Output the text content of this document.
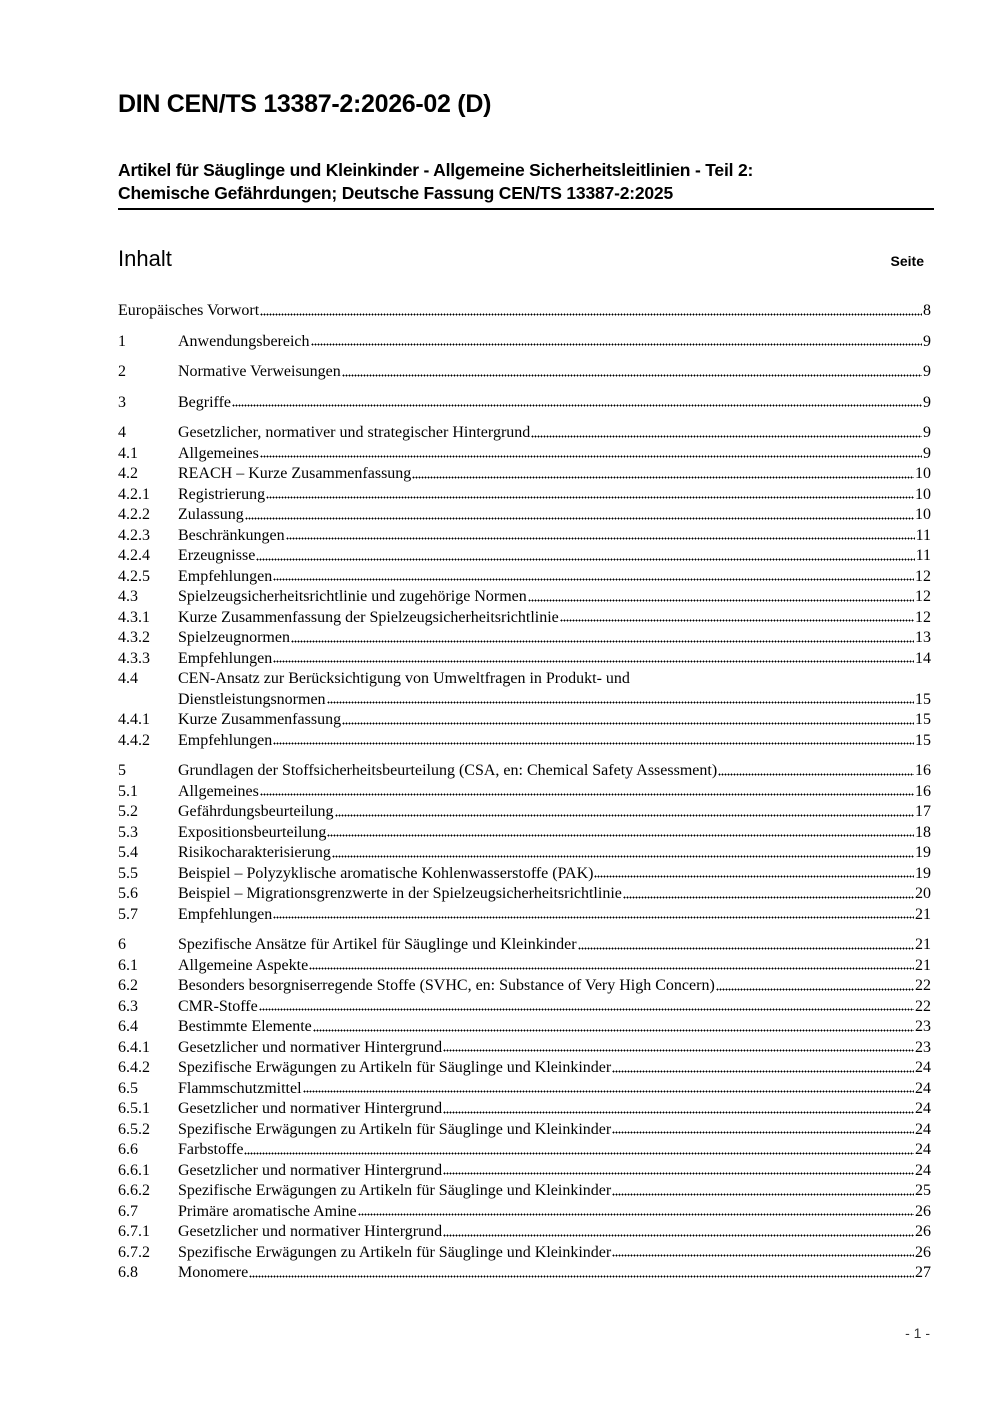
DIN CEN/TS 13387-2:2026-02 (D)
Artikel für Säuglinge und Kleinkinder - Allgemeine Sicherheitsleitlinien - Teil 2:
Chemische Gefährdungen; Deutsche Fassung CEN/TS 13387-2:2025
Inhalt	Seite
Europäisches Vorwort	8
1	Anwendungsbereich	9
2	Normative Verweisungen	9
3	Begriffe	9
4	Gesetzlicher, normativer und strategischer Hintergrund	9
4.1	Allgemeines	9
4.2	REACH – Kurze Zusammenfassung	10
4.2.1	Registrierung	10
4.2.2	Zulassung	10
4.2.3	Beschränkungen	11
4.2.4	Erzeugnisse	11
4.2.5	Empfehlungen	12
4.3	Spielzeugsicherheitsrichtlinie und zugehörige Normen	12
4.3.1	Kurze Zusammenfassung der Spielzeugsicherheitsrichtlinie	12
4.3.2	Spielzeugnormen	13
4.3.3	Empfehlungen	14
4.4	CEN-Ansatz zur Berücksichtigung von Umweltfragen in Produkt- und
Dienstleistungsnormen	15
4.4.1	Kurze Zusammenfassung	15
4.4.2	Empfehlungen	15
5	Grundlagen der Stoffsicherheitsbeurteilung (CSA, en: Chemical Safety Assessment)	16
5.1	Allgemeines	16
5.2	Gefährdungsbeurteilung	17
5.3	Expositionsbeurteilung	18
5.4	Risikocharakterisierung	19
5.5	Beispiel – Polyzyklische aromatische Kohlenwasserstoffe (PAK)	19
5.6	Beispiel – Migrationsgrenzwerte in der Spielzeugsicherheitsrichtlinie	20
5.7	Empfehlungen	21
6	Spezifische Ansätze für Artikel für Säuglinge und Kleinkinder	21
6.1	Allgemeine Aspekte	21
6.2	Besonders besorgniserregende Stoffe (SVHC, en: Substance of Very High Concern)	22
6.3	CMR-Stoffe	22
6.4	Bestimmte Elemente	23
6.4.1	Gesetzlicher und normativer Hintergrund	23
6.4.2	Spezifische Erwägungen zu Artikeln für Säuglinge und Kleinkinder	24
6.5	Flammschutzmittel	24
6.5.1	Gesetzlicher und normativer Hintergrund	24
6.5.2	Spezifische Erwägungen zu Artikeln für Säuglinge und Kleinkinder	24
6.6	Farbstoffe	24
6.6.1	Gesetzlicher und normativer Hintergrund	24
6.6.2	Spezifische Erwägungen zu Artikeln für Säuglinge und Kleinkinder	25
6.7	Primäre aromatische Amine	26
6.7.1	Gesetzlicher und normativer Hintergrund	26
6.7.2	Spezifische Erwägungen zu Artikeln für Säuglinge und Kleinkinder	26
6.8	Monomere	27
- 1 -
